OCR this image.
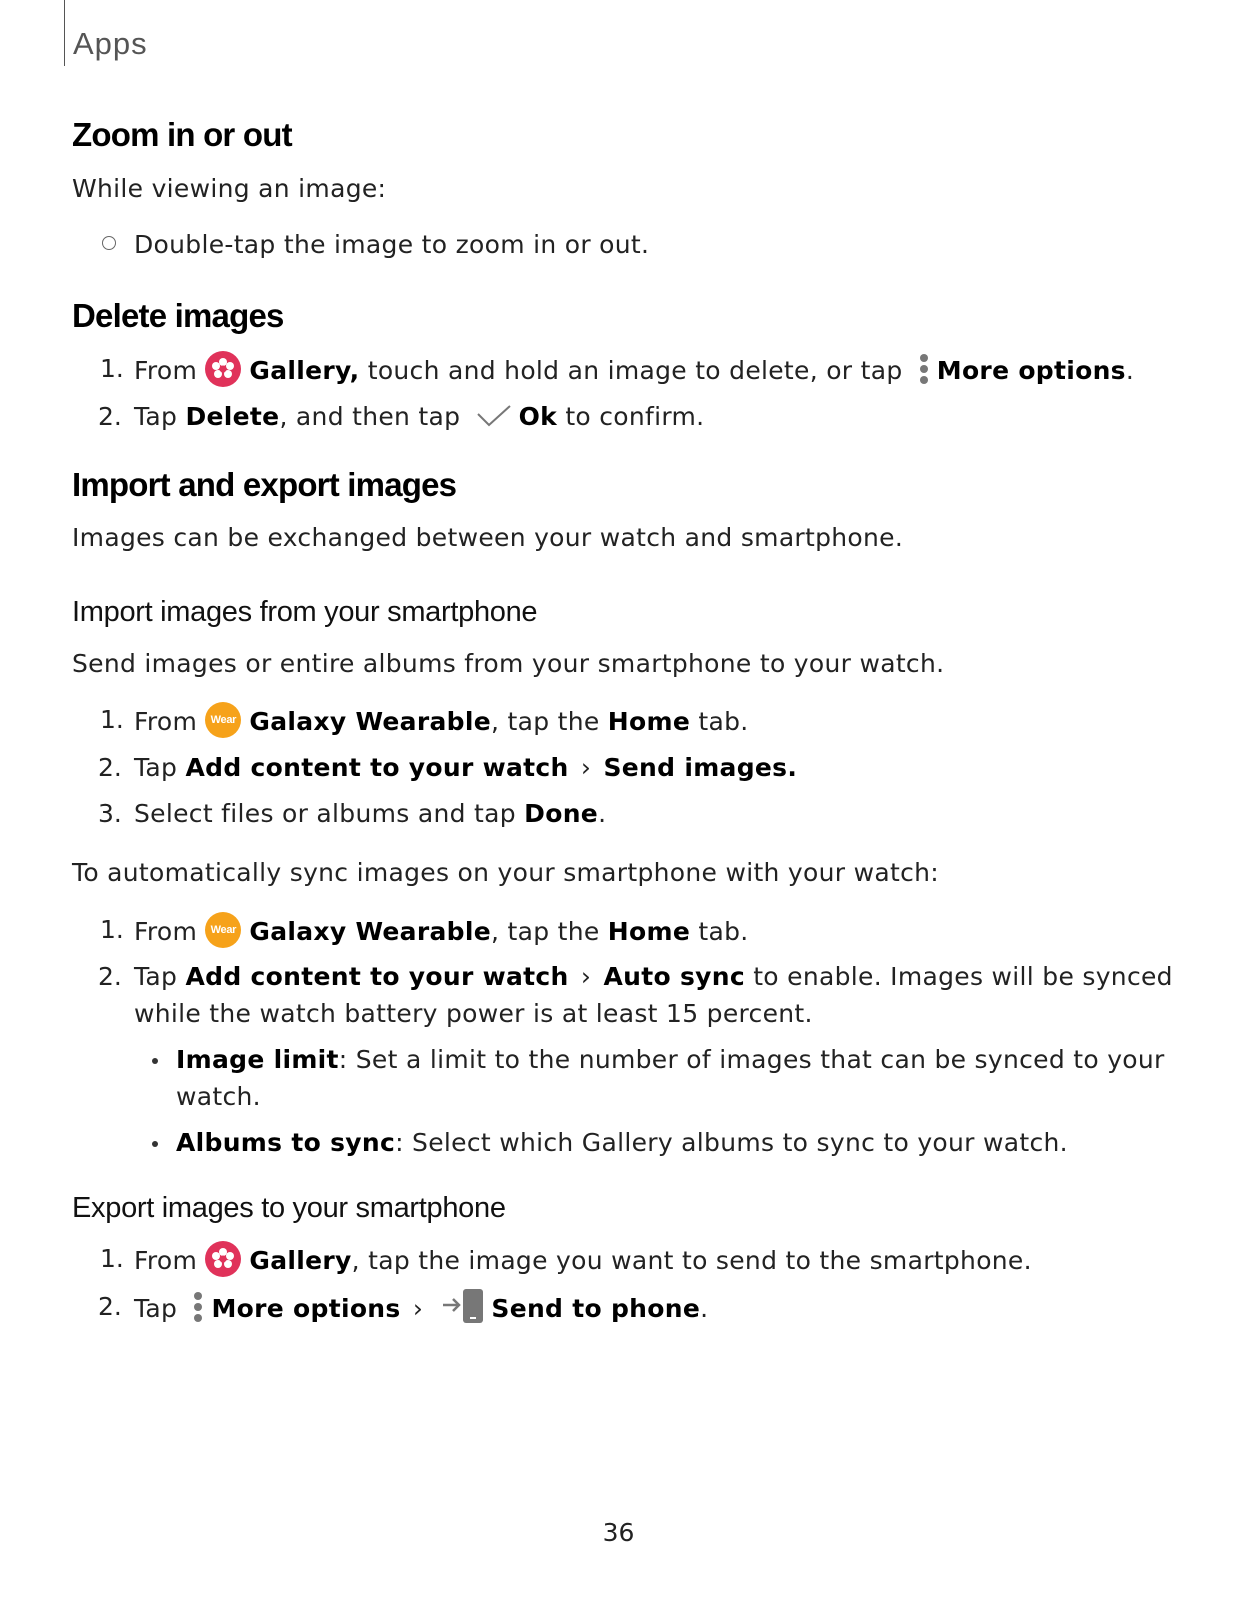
Apps
Zoom in or out
While viewing an image:
Double-tap the image to zoom in or out.
Delete images
1. From Gallery, touch and hold an image to delete, or tap More options.
2. Tap Delete, and then tap Ok to confirm.
Import and export images
Images can be exchanged between your watch and smartphone.
Import images from your smartphone
Send images or entire albums from your smartphone to your watch.
1. From Wear Galaxy Wearable, tap the Home tab.
2. Tap Add content to your watch › Send images.
3. Select files or albums and tap Done.
To automatically sync images on your smartphone with your watch:
1. From Wear Galaxy Wearable, tap the Home tab.
2. Tap Add content to your watch › Auto sync to enable. Images will be synced
while the watch battery power is at least 15 percent.
Image limit: Set a limit to the number of images that can be synced to your
watch.
Albums to sync: Select which Gallery albums to sync to your watch.
Export images to your smartphone
1. From Gallery, tap the image you want to send to the smartphone.
2. Tap More options ›	Send to phone.
36
